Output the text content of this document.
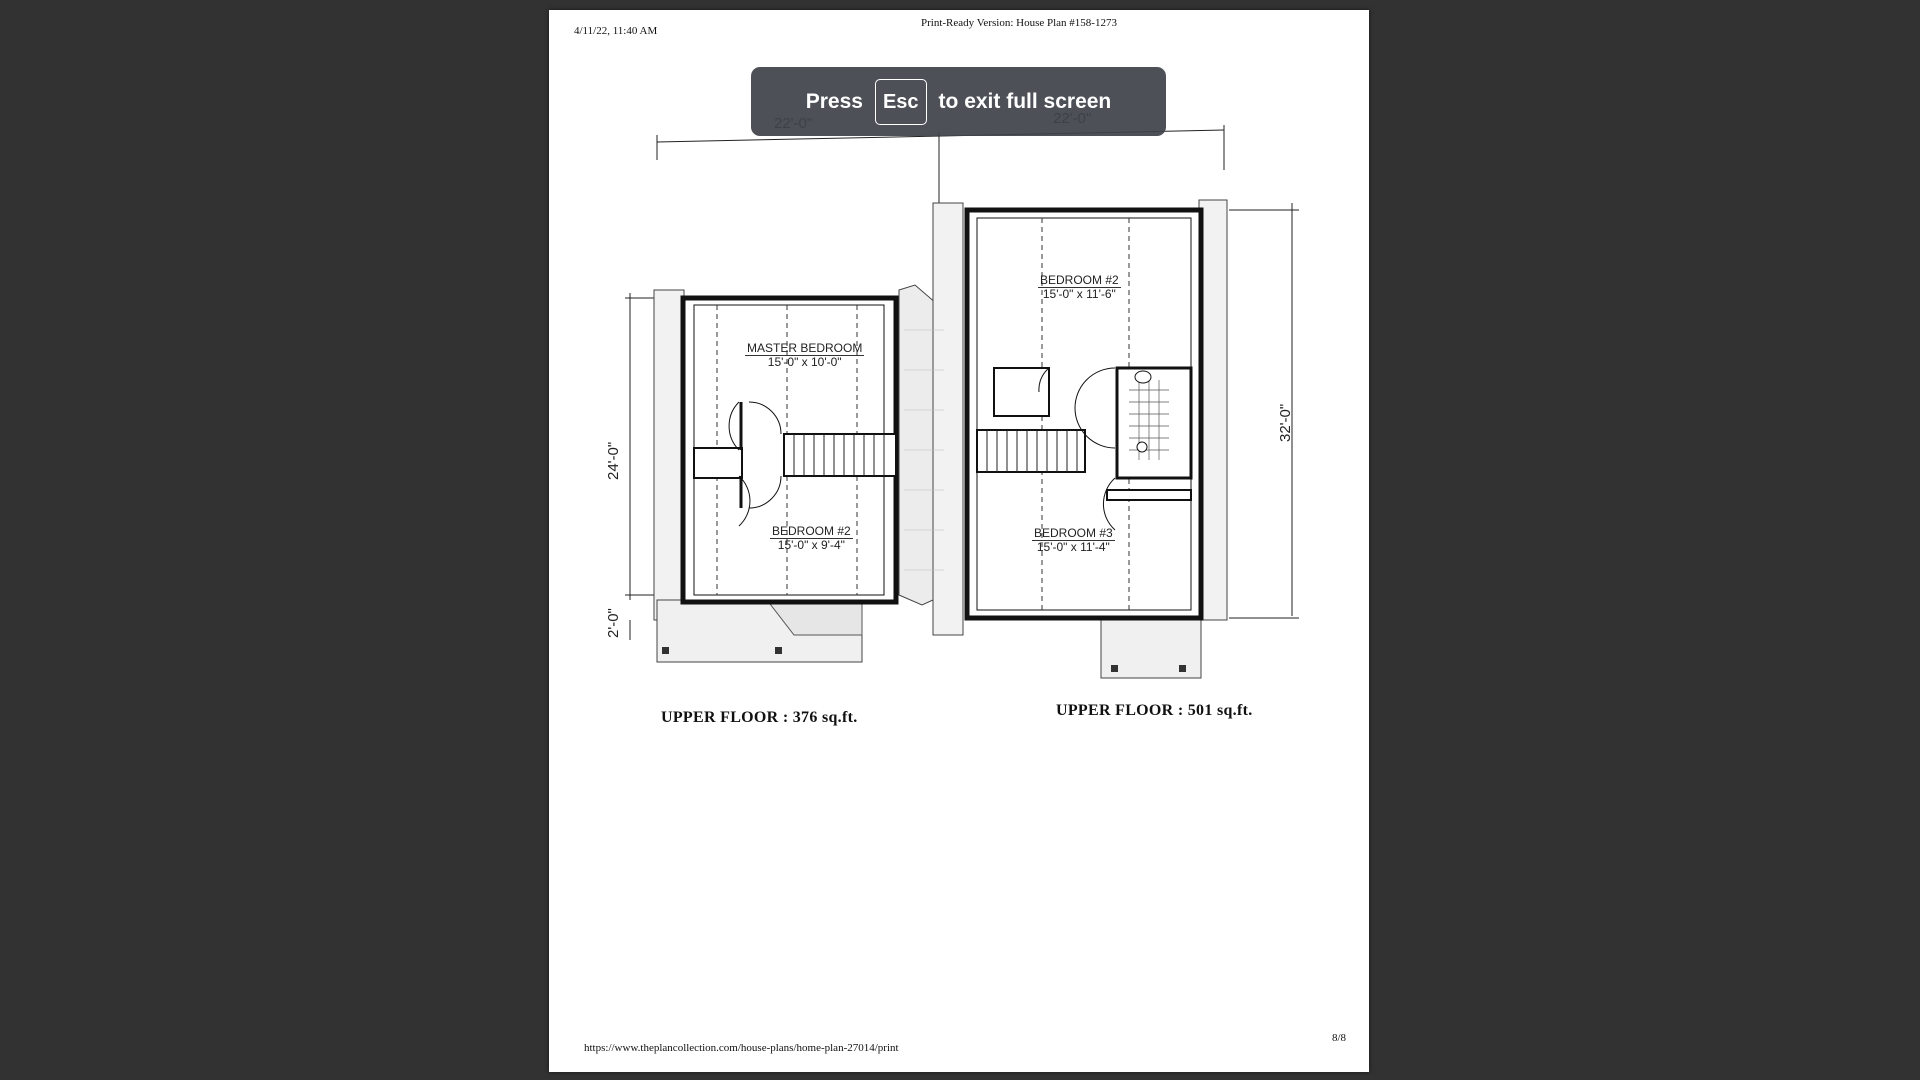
4/11/22, 11:40 AM
Print-Ready Version: House Plan #158-1273
24'-0"
2'-0"
32'-0"
MASTER BEDROOM
15'-0" x 10'-0"
BEDROOM #2
15'-0" x 9'-4"
BEDROOM #2
15'-0" x 11'-6"
BEDROOM #3
15'-0" x 11'-4"
UPPER FLOOR : 376 sq.ft.	UPPER FLOOR : 501 sq.ft.
https://www.theplancollection.com/house-plans/home-plan-27014/print
8/8
Press	Esc to exit full screen
